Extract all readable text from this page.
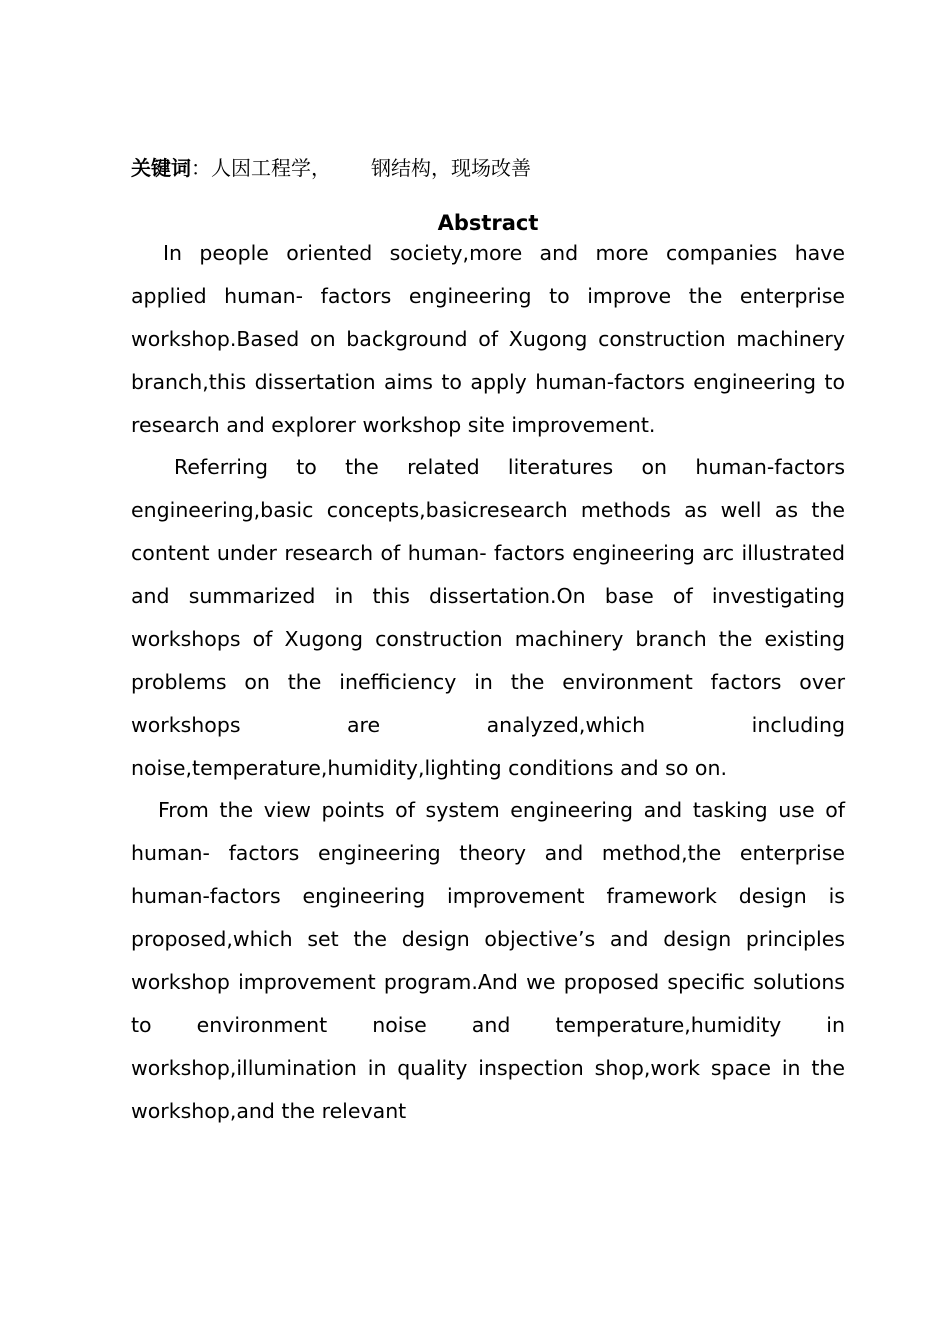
关键词：人因工程学， 钢结构，现场改善
Abstract

In people oriented society,more and more companies have applied human- factors engineering to improve the enterprise workshop.Based on background of Xugong construction machinery branch,this dissertation aims to apply human-factors engineering to research and explorer workshop site improvement.

Referring to the related literatures on human-factors engineering,basic concepts,basicresearch methods as well as the content under research of human- factors engineering arc illustrated and summarized in this dissertation.On base of investigating workshops of Xugong construction machinery branch the existing problems on the inefficiency in the environment factors over workshops are analyzed,which including noise,temperature,humidity,lighting conditions and so on.

From the view points of system engineering and tasking use of human- factors engineering theory and method,the enterprise human-factors engineering improvement framework design is proposed,which set the design objective’s and design principles workshop improvement program.And we proposed specific solutions to environment noise and temperature,humidity in workshop,illumination in quality inspection shop,work space in the workshop,and the relevant
